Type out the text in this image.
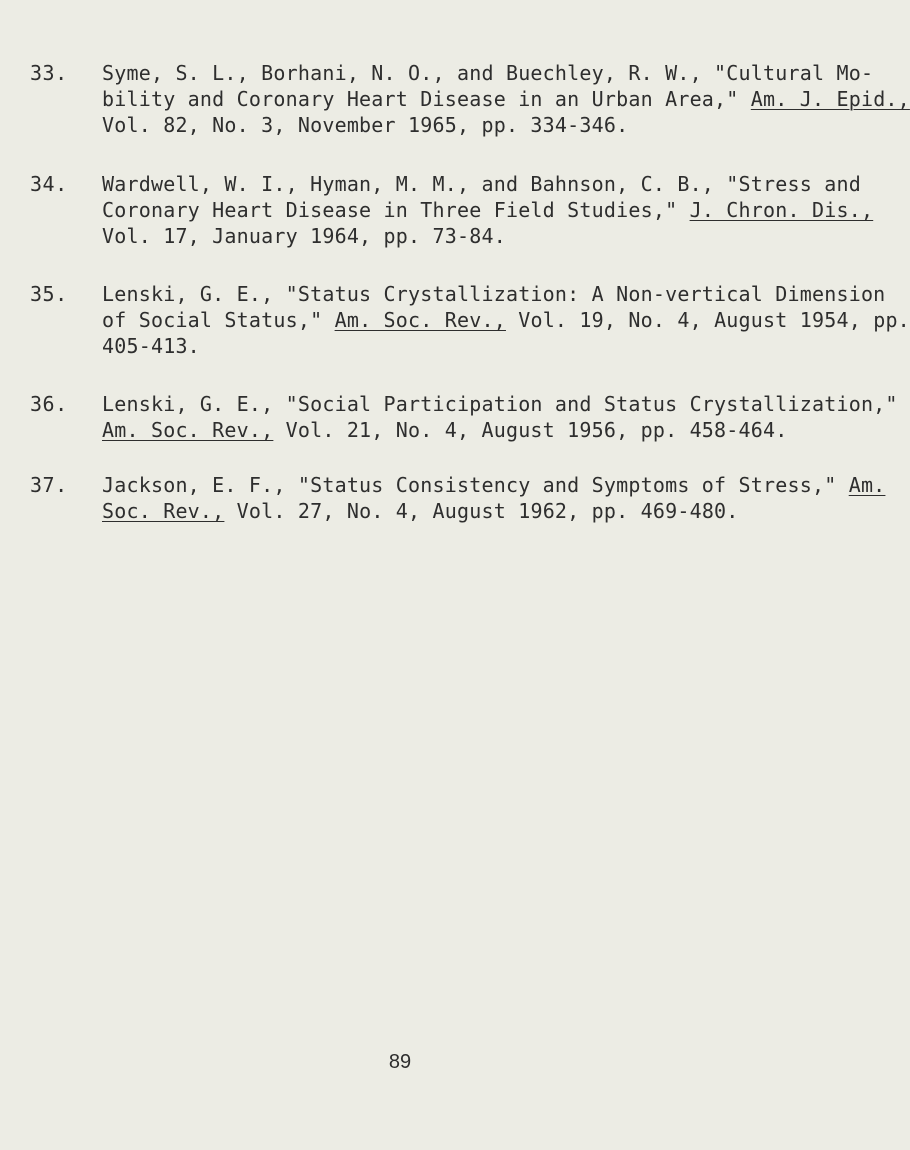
33. Syme, S. L., Borhani, N. O., and Buechley, R. W., "Cultural Mo-
bility and Coronary Heart Disease in an Urban Area," Am. J. Epid.,
Vol. 82, No. 3, November 1965, pp. 334-346.
34. Wardwell, W. I., Hyman, M. M., and Bahnson, C. B., "Stress and
Coronary Heart Disease in Three Field Studies," J. Chron. Dis.,
Vol. 17, January 1964, pp. 73-84.
35. Lenski, G. E., "Status Crystallization: A Non-vertical Dimension
of Social Status," Am. Soc. Rev., Vol. 19, No. 4, August 1954, pp.
405-413.
36. Lenski, G. E., "Social Participation and Status Crystallization,"
Am. Soc. Rev., Vol. 21, No. 4, August 1956, pp. 458-464.
37. Jackson, E. F., "Status Consistency and Symptoms of Stress," Am.
Soc. Rev., Vol. 27, No. 4, August 1962, pp. 469-480.
89
